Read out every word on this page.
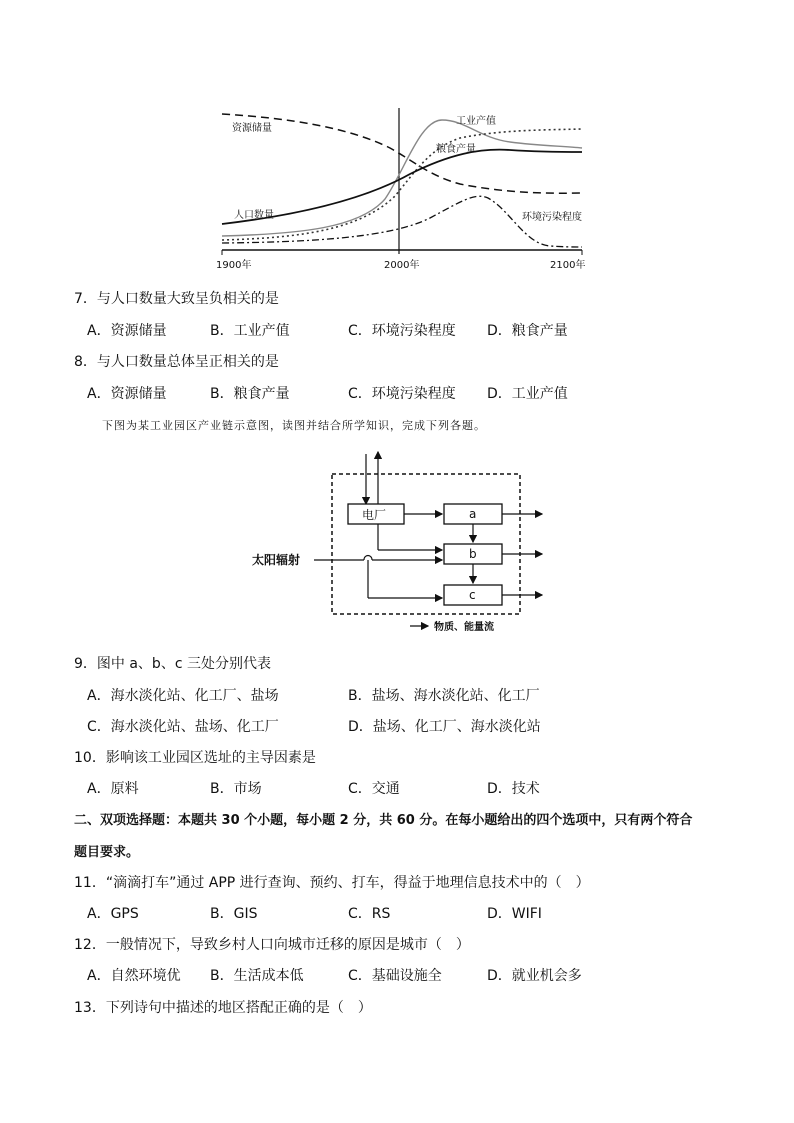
资源储量
工业产值
粮食产量
人口数量	环境污染程度
1900年	2000年	2100年
7．与人口数量大致呈负相关的是
A．资源储量	B．工业产值	C．环境污染程度 D．粮食产量
8．与人口数量总体呈正相关的是
A．资源储量	B．粮食产量	C．环境污染程度 D．工业产值
下图为某工业园区产业链示意图，读图并结合所学知识，完成下列各题。
电厂	a
b
c
太阳辐射
物质、能量流
9．图中 a、b、c 三处分别代表
A．海水淡化站、化工厂、盐场	B．盐场、海水淡化站、化工厂
C．海水淡化站、盐场、化工厂	D．盐场、化工厂、海水淡化站
10．影响该工业园区选址的主导因素是
A．原料	B．市场	C．交通	D．技术
二、双项选择题：本题共 30 个小题，每小题 2 分，共 60 分。在每小题给出的四个选项中，只有两个符合
题目要求。
11．“滴滴打车”通过 APP 进行查询、预约、打车，得益于地理信息技术中的（　）
A．GPS	B．GIS	C．RS	D．WIFI
12．一般情况下，导致乡村人口向城市迁移的原因是城市（　）
A．自然环境优 B．生活成本低	C．基础设施全	D．就业机会多
13．下列诗句中描述的地区搭配正确的是（　）
